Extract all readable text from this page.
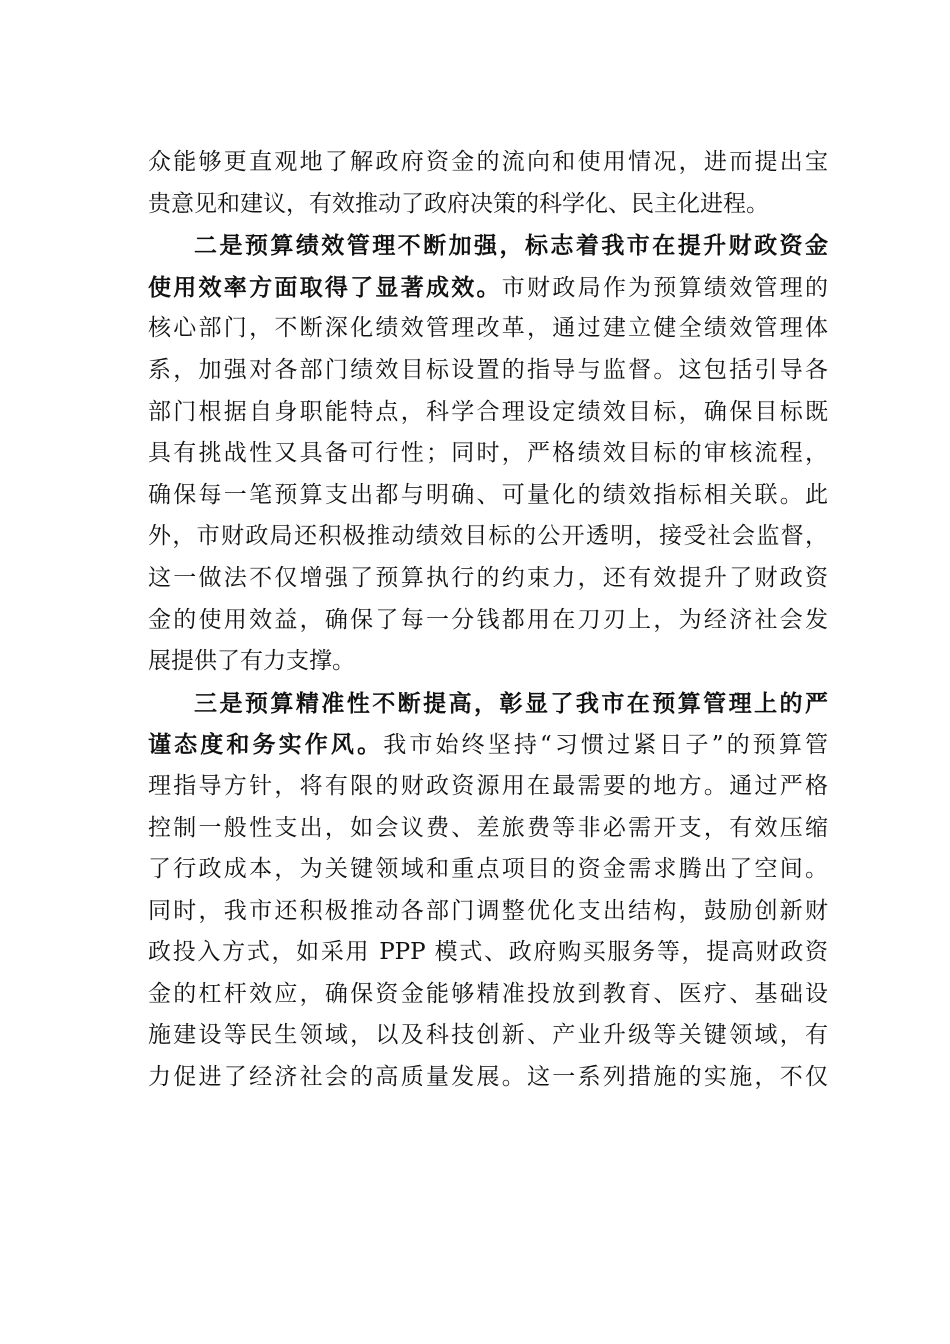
众能够更直观地了解政府资金的流向和使用情况，进而提出宝
贵意见和建议，有效推动了政府决策的科学化、民主化进程。
二是预算绩效管理不断加强，标志着我市在提升财政资金
使用效率方面取得了显著成效。市财政局作为预算绩效管理的
核心部门，不断深化绩效管理改革，通过建立健全绩效管理体
系，加强对各部门绩效目标设置的指导与监督。这包括引导各
部门根据自身职能特点，科学合理设定绩效目标，确保目标既
具有挑战性又具备可行性；同时，严格绩效目标的审核流程，
确保每一笔预算支出都与明确、可量化的绩效指标相关联。此
外，市财政局还积极推动绩效目标的公开透明，接受社会监督，
这一做法不仅增强了预算执行的约束力，还有效提升了财政资
金的使用效益，确保了每一分钱都用在刀刃上，为经济社会发
展提供了有力支撑。
三是预算精准性不断提高，彰显了我市在预算管理上的严
谨态度和务实作风。我市始终坚持“习惯过紧日子”的预算管
理指导方针，将有限的财政资源用在最需要的地方。通过严格
控制一般性支出，如会议费、差旅费等非必需开支，有效压缩
了行政成本，为关键领域和重点项目的资金需求腾出了空间。
同时，我市还积极推动各部门调整优化支出结构，鼓励创新财
政投入方式，如采用 PPP 模式、政府购买服务等，提高财政资
金的杠杆效应，确保资金能够精准投放到教育、医疗、基础设
施建设等民生领域，以及科技创新、产业升级等关键领域，有
力促进了经济社会的高质量发展。这一系列措施的实施，不仅
